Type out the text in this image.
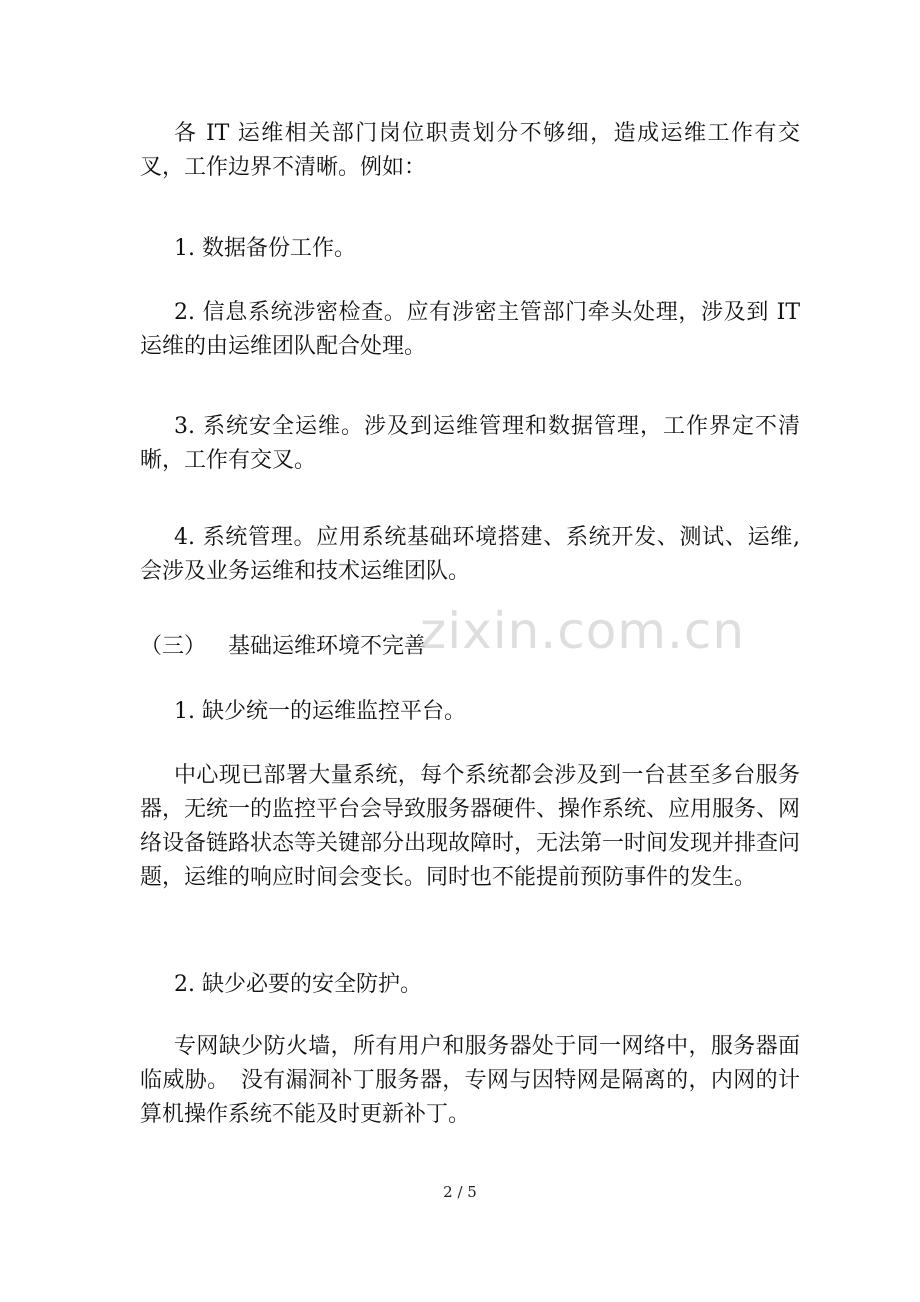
各 IT 运维相关部门岗位职责划分不够细，造成运维工作有交叉，工作边界不清晰。例如：

1. 数据备份工作。

2. 信息系统涉密检查。应有涉密主管部门牵头处理，涉及到 IT 运维的由运维团队配合处理。

3. 系统安全运维。涉及到运维管理和数据管理，工作界定不清晰，工作有交叉。

4. 系统管理。应用系统基础环境搭建、系统开发、测试、运维,会涉及业务运维和技术运维团队。

（三） 基础运维环境不完善

1. 缺少统一的运维监控平台。

中心现已部署大量系统，每个系统都会涉及到一台甚至多台服务器，无统一的监控平台会导致服务器硬件、操作系统、应用服务、网络设备链路状态等关键部分出现故障时，无法第一时间发现并排查问题，运维的响应时间会变长。同时也不能提前预防事件的发生。

2. 缺少必要的安全防护。

专网缺少防火墙，所有用户和服务器处于同一网络中，服务器面临威胁。　没有漏洞补丁服务器，专网与因特网是隔离的，内网的计算机操作系统不能及时更新补丁。

zixin.com.cn
2 / 5
